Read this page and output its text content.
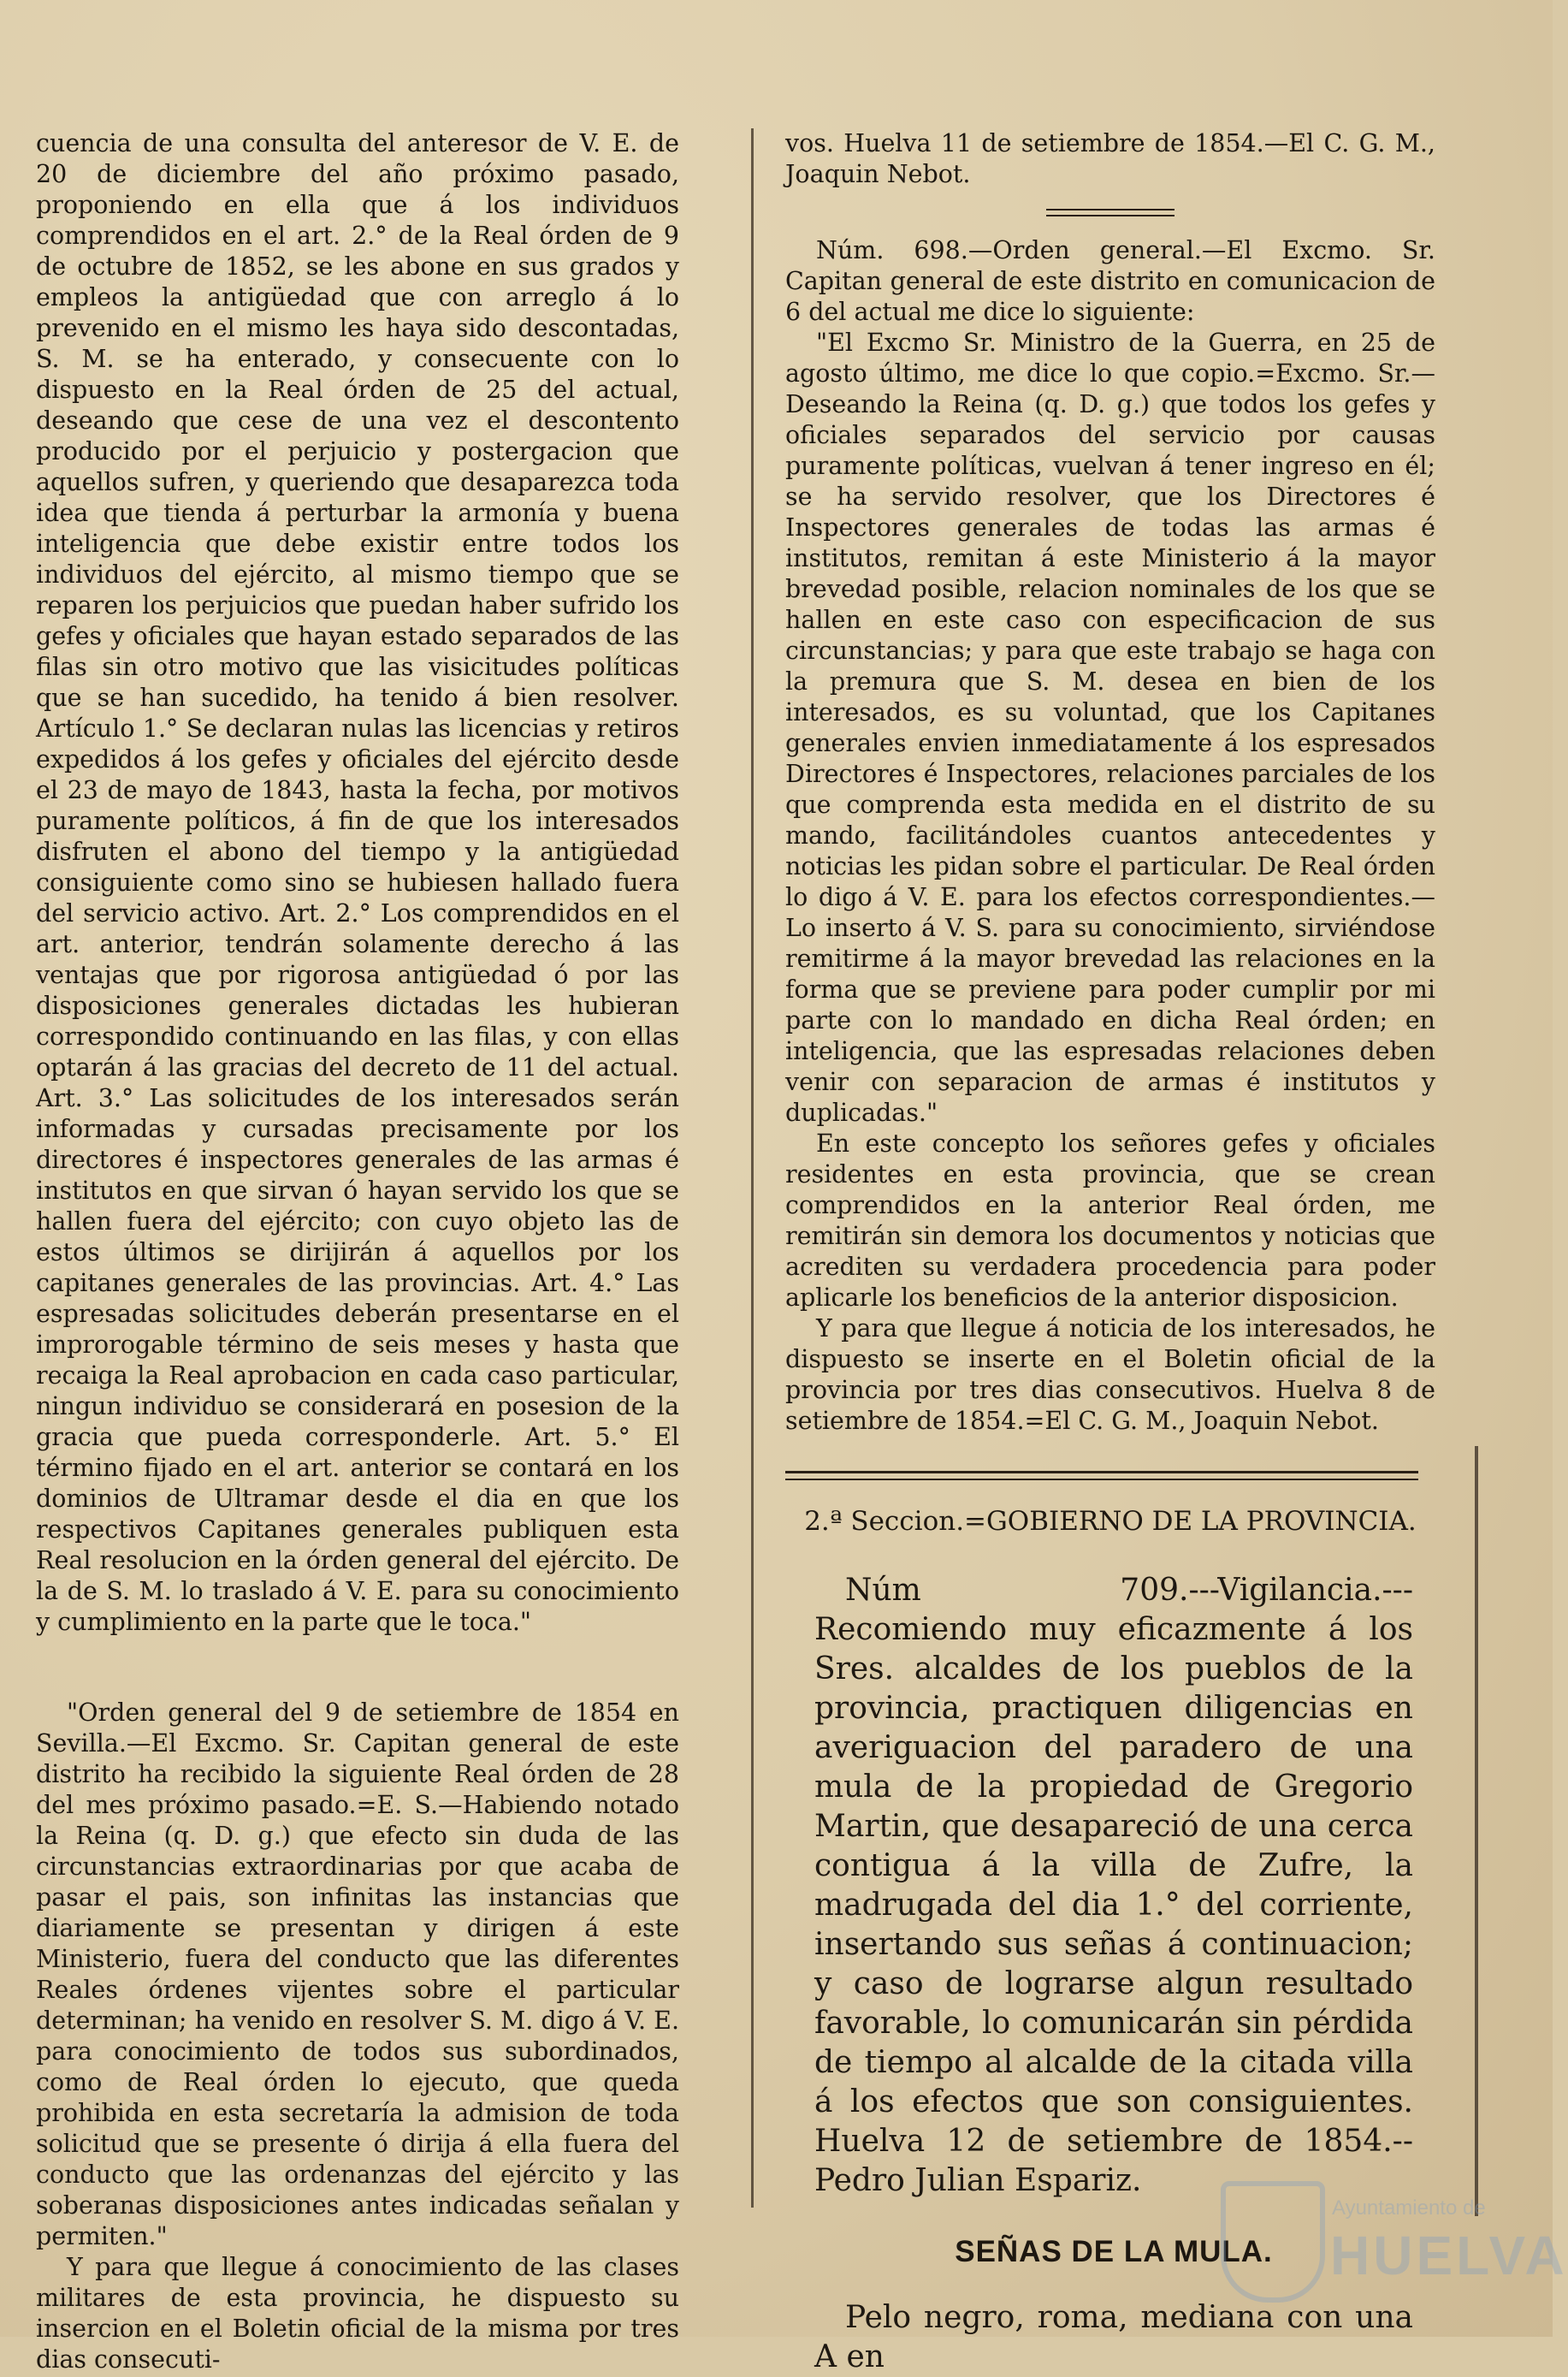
cuencia de una consulta del anteresor de V. E. de 20 de diciembre del año próximo pasado, proponiendo en ella que á los individuos comprendidos en el art. 2.° de la Real órden de 9 de octubre de 1852, se les abone en sus grados y empleos la antigüedad que con arreglo á lo prevenido en el mismo les haya sido descontadas, S. M. se ha enterado, y consecuente con lo dispuesto en la Real órden de 25 del actual, deseando que cese de una vez el descontento producido por el perjuicio y postergacion que aquellos sufren, y queriendo que desaparezca toda idea que tienda á perturbar la armonía y buena inteligencia que debe existir entre todos los individuos del ejército, al mismo tiempo que se reparen los perjuicios que puedan haber sufrido los gefes y oficiales que hayan estado separados de las filas sin otro motivo que las visicitudes políticas que se han sucedido, ha tenido á bien resolver. Artículo 1.° Se declaran nulas las licencias y retiros expedidos á los gefes y oficiales del ejército desde el 23 de mayo de 1843, hasta la fecha, por motivos puramente políticos, á fin de que los interesados disfruten el abono del tiempo y la antigüedad consiguiente como sino se hubiesen hallado fuera del servicio activo. Art. 2.° Los comprendidos en el art. anterior, tendrán solamente derecho á las ventajas que por rigorosa antigüedad ó por las disposiciones generales dictadas les hubieran correspondido continuando en las filas, y con ellas optarán á las gracias del decreto de 11 del actual. Art. 3.° Las solicitudes de los interesados serán informadas y cursadas precisamente por los directores é inspectores generales de las armas é institutos en que sirvan ó hayan servido los que se hallen fuera del ejército; con cuyo objeto las de estos últimos se dirijirán á aquellos por los capitanes generales de las provincias. Art. 4.° Las espresadas solicitudes deberán presentarse en el improrogable término de seis meses y hasta que recaiga la Real aprobacion en cada caso particular, ningun individuo se considerará en posesion de la gracia que pueda corresponderle. Art. 5.° El término fijado en el art. anterior se contará en los dominios de Ultramar desde el dia en que los respectivos Capitanes generales publiquen esta Real resolucion en la órden general del ejército. De la de S. M. lo traslado á V. E. para su conocimiento y cumplimiento en la parte que le toca."

"Orden general del 9 de setiembre de 1854 en Sevilla.—El Excmo. Sr. Capitan general de este distrito ha recibido la siguiente Real órden de 28 del mes próximo pasado.=E. S.—Habiendo notado la Reina (q. D. g.) que efecto sin duda de las circunstancias extraordinarias por que acaba de pasar el pais, son infinitas las instancias que diariamente se presentan y dirigen á este Ministerio, fuera del conducto que las diferentes Reales órdenes vijentes sobre el particular determinan; ha venido en resolver S. M. digo á V. E. para conocimiento de todos sus subordinados, como de Real órden lo ejecuto, que queda prohibida en esta secretaría la admision de toda solicitud que se presente ó dirija á ella fuera del conducto que las ordenanzas del ejército y las soberanas disposiciones antes indicadas señalan y permiten."

Y para que llegue á conocimiento de las clases militares de esta provincia, he dispuesto su insercion en el Boletin oficial de la misma por tres dias consecuti-

vos. Huelva 11 de setiembre de 1854.—El C. G. M., Joaquin Nebot.

Núm. 698.—Orden general.—El Excmo. Sr. Capitan general de este distrito en comunicacion de 6 del actual me dice lo siguiente:

"El Excmo Sr. Ministro de la Guerra, en 25 de agosto último, me dice lo que copio.=Excmo. Sr.—Deseando la Reina (q. D. g.) que todos los gefes y oficiales separados del servicio por causas puramente políticas, vuelvan á tener ingreso en él; se ha servido resolver, que los Directores é Inspectores generales de todas las armas é institutos, remitan á este Ministerio á la mayor brevedad posible, relacion nominales de los que se hallen en este caso con especificacion de sus circunstancias; y para que este trabajo se haga con la premura que S. M. desea en bien de los interesados, es su voluntad, que los Capitanes generales envien inmediatamente á los espresados Directores é Inspectores, relaciones parciales de los que comprenda esta medida en el distrito de su mando, facilitándoles cuantos antecedentes y noticias les pidan sobre el particular. De Real órden lo digo á V. E. para los efectos correspondientes.—Lo inserto á V. S. para su conocimiento, sirviéndose remitirme á la mayor brevedad las relaciones en la forma que se previene para poder cumplir por mi parte con lo mandado en dicha Real órden; en inteligencia, que las espresadas relaciones deben venir con separacion de armas é institutos y duplicadas."

En este concepto los señores gefes y oficiales residentes en esta provincia, que se crean comprendidos en la anterior Real órden, me remitirán sin demora los documentos y noticias que acrediten su verdadera procedencia para poder aplicarle los beneficios de la anterior disposicion.

Y para que llegue á noticia de los interesados, he dispuesto se inserte en el Boletin oficial de la provincia por tres dias consecutivos. Huelva 8 de setiembre de 1854.=El C. G. M., Joaquin Nebot.

2.ª Seccion.=GOBIERNO DE LA PROVINCIA.

Núm 709.---Vigilancia.---Recomiendo muy eficazmente á los Sres. alcaldes de los pueblos de la provincia, practiquen diligencias en averiguacion del paradero de una mula de la propiedad de Gregorio Martin, que desapareció de una cerca contigua á la villa de Zufre, la madrugada del dia 1.° del corriente, insertando sus señas á continuacion; y caso de lograrse algun resultado favorable, lo comunicarán sin pérdida de tiempo al alcalde de la citada villa á los efectos que son consiguientes. Huelva 12 de setiembre de 1854.--Pedro Julian Espariz.

SEÑAS DE LA MULA.

Pelo negro, roma, mediana con una A en

Ayuntamiento de
HUELVA
